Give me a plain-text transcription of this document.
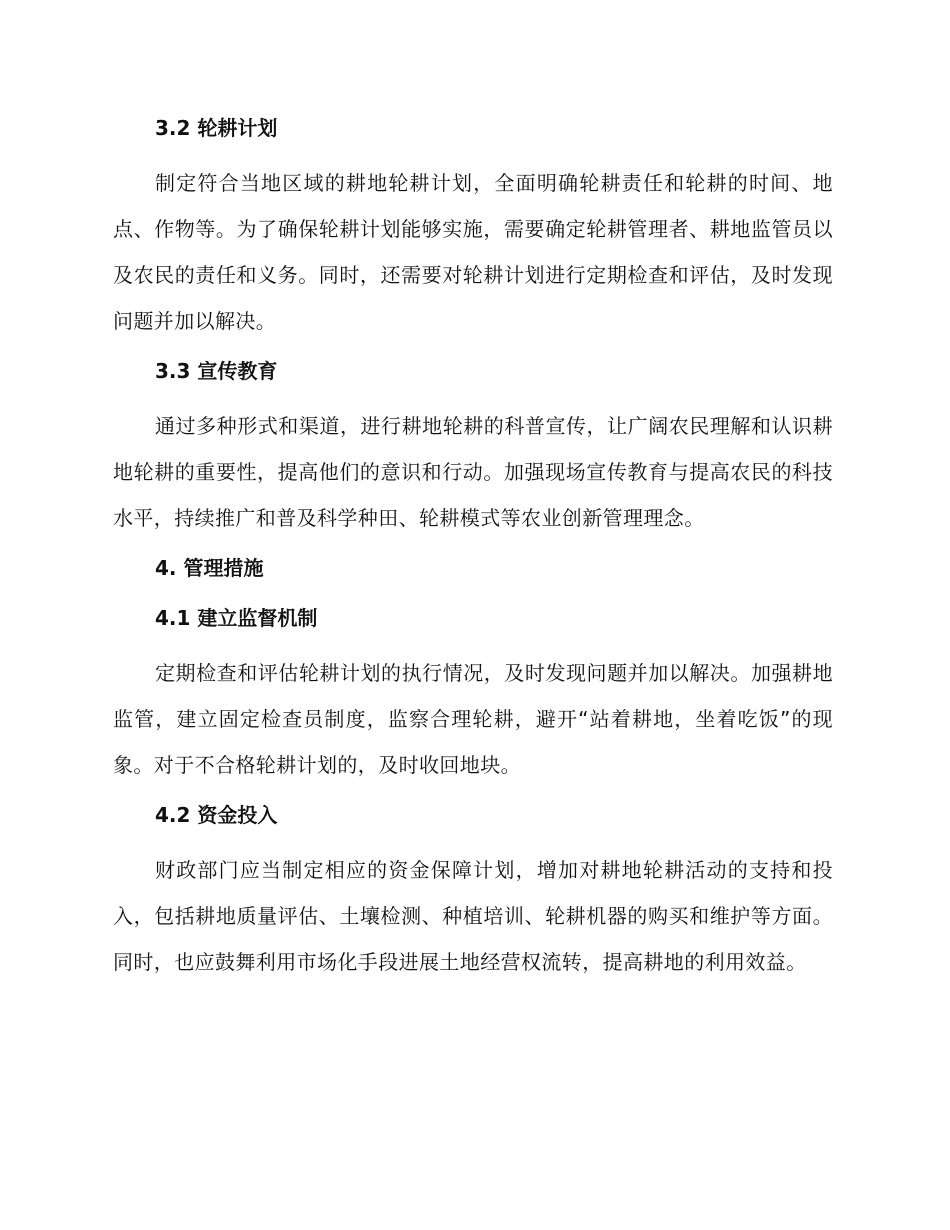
3.2 轮耕计划

制定符合当地区域的耕地轮耕计划，全面明确轮耕责任和轮耕的时间、地点、作物等。为了确保轮耕计划能够实施，需要确定轮耕管理者、耕地监管员以及农民的责任和义务。同时，还需要对轮耕计划进行定期检查和评估，及时发现问题并加以解决。

3.3 宣传教育

通过多种形式和渠道，进行耕地轮耕的科普宣传，让广阔农民理解和认识耕地轮耕的重要性，提高他们的意识和行动。加强现场宣传教育与提高农民的科技水平，持续推广和普及科学种田、轮耕模式等农业创新管理理念。

4. 管理措施
4.1 建立监督机制

定期检查和评估轮耕计划的执行情况，及时发现问题并加以解决。加强耕地监管，建立固定检查员制度，监察合理轮耕，避开“站着耕地，坐着吃饭”的现象。对于不合格轮耕计划的，及时收回地块。

4.2 资金投入

财政部门应当制定相应的资金保障计划，增加对耕地轮耕活动的支持和投入，包括耕地质量评估、土壤检测、种植培训、轮耕机器的购买和维护等方面。同时，也应鼓舞利用市场化手段进展土地经营权流转，提高耕地的利用效益。
